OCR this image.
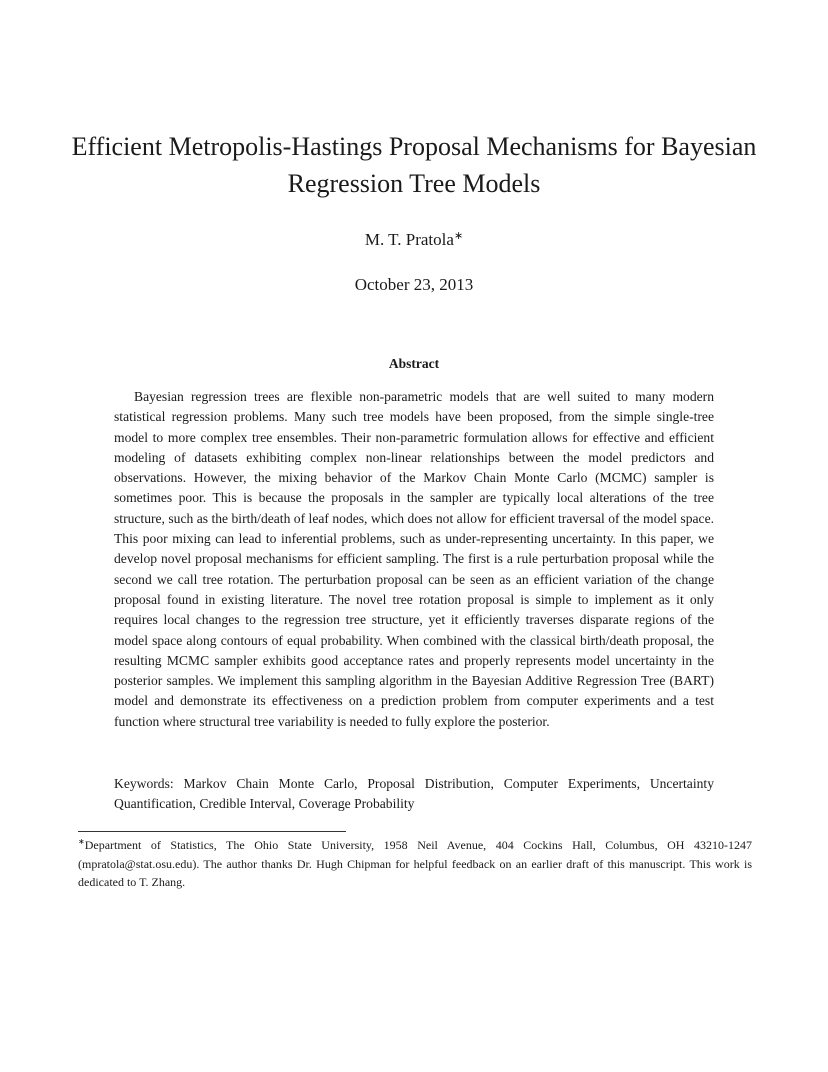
Efficient Metropolis-Hastings Proposal Mechanisms for Bayesian Regression Tree Models
M. T. Pratola∗
October 23, 2013
Abstract

Bayesian regression trees are flexible non-parametric models that are well suited to many modern statistical regression problems. Many such tree models have been proposed, from the simple single-tree model to more complex tree ensembles. Their non-parametric formulation allows for effective and efficient modeling of datasets exhibiting complex non-linear relationships between the model predictors and observations. However, the mixing behavior of the Markov Chain Monte Carlo (MCMC) sampler is sometimes poor. This is because the proposals in the sampler are typically local alterations of the tree structure, such as the birth/death of leaf nodes, which does not allow for efficient traversal of the model space. This poor mixing can lead to inferential problems, such as under-representing uncertainty. In this paper, we develop novel proposal mechanisms for efficient sampling. The first is a rule perturbation proposal while the second we call tree rotation. The perturbation proposal can be seen as an efficient variation of the change proposal found in existing literature. The novel tree rotation proposal is simple to implement as it only requires local changes to the regression tree structure, yet it efficiently traverses disparate regions of the model space along contours of equal probability. When combined with the classical birth/death proposal, the resulting MCMC sampler exhibits good acceptance rates and properly represents model uncertainty in the posterior samples. We implement this sampling algorithm in the Bayesian Additive Regression Tree (BART) model and demonstrate its effectiveness on a prediction problem from computer experiments and a test function where structural tree variability is needed to fully explore the posterior.

Keywords: Markov Chain Monte Carlo, Proposal Distribution, Computer Experiments, Uncertainty Quantification, Credible Interval, Coverage Probability

∗Department of Statistics, The Ohio State University, 1958 Neil Avenue, 404 Cockins Hall, Columbus, OH 43210-1247 (mpratola@stat.osu.edu). The author thanks Dr. Hugh Chipman for helpful feedback on an earlier draft of this manuscript. This work is dedicated to T. Zhang.
